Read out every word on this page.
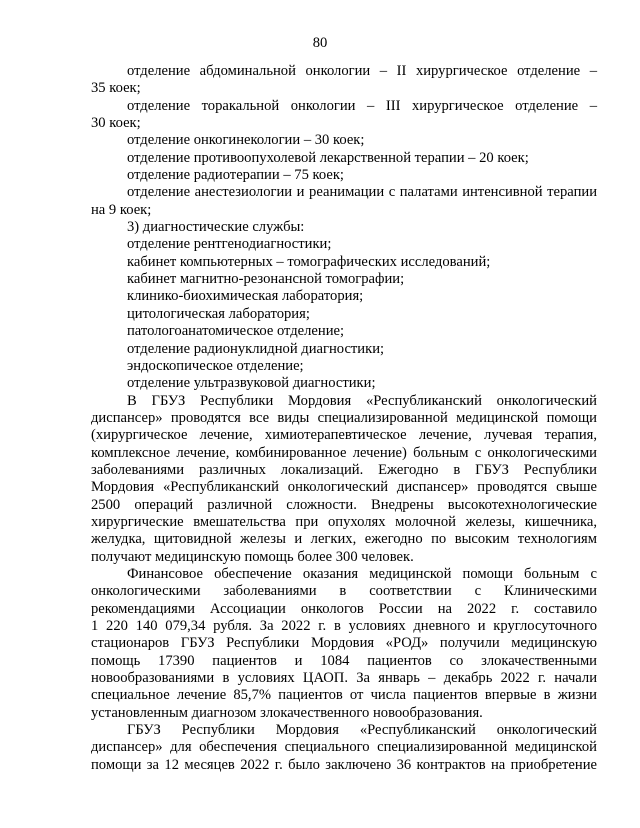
80
отделение абдоминальной онкологии – II хирургическое отделение –
35 коек;
отделение торакальной онкологии – III хирургическое отделение –
30 коек;
отделение онкогинекологии – 30 коек;
отделение противоопухолевой лекарственной терапии – 20 коек;
отделение радиотерапии – 75 коек;
отделение анестезиологии и реанимации с палатами интенсивной терапии
на 9 коек;
3) диагностические службы:
отделение рентгенодиагностики;
кабинет компьютерных – томографических исследований;
кабинет магнитно-резонансной томографии;
клинико-биохимическая лаборатория;
цитологическая лаборатория;
патологоанатомическое отделение;
отделение радионуклидной диагностики;
эндоскопическое отделение;
отделение ультразвуковой диагностики;
В ГБУЗ Республики Мордовия «Республиканский онкологический
диспансер» проводятся все виды специализированной медицинской помощи
(хирургическое лечение, химиотерапевтическое лечение, лучевая терапия,
комплексное лечение, комбинированное лечение) больным с онкологическими
заболеваниями различных локализаций. Ежегодно в ГБУЗ Республики
Мордовия «Республиканский онкологический диспансер» проводятся свыше
2500 операций различной сложности. Внедрены высокотехнологические
хирургические вмешательства при опухолях молочной железы, кишечника,
желудка, щитовидной железы и легких, ежегодно по высоким технологиям
получают медицинскую помощь более 300 человек.
Финансовое обеспечение оказания медицинской помощи больным с
онкологическими заболеваниями в соответствии с Клиническими
рекомендациями Ассоциации онкологов России на 2022 г. составило
1 220 140 079,34 рубля. За 2022 г. в условиях дневного и круглосуточного
стационаров ГБУЗ Республики Мордовия «РОД» получили медицинскую
помощь 17390 пациентов и 1084 пациентов со злокачественными
новообразованиями в условиях ЦАОП. За январь – декабрь 2022 г. начали
специальное лечение 85,7% пациентов от числа пациентов впервые в жизни
установленным диагнозом злокачественного новообразования.
ГБУЗ Республики Мордовия «Республиканский онкологический
диспансер» для обеспечения специального специализированной медицинской
помощи за 12 месяцев 2022 г. было заключено 36 контрактов на приобретение
